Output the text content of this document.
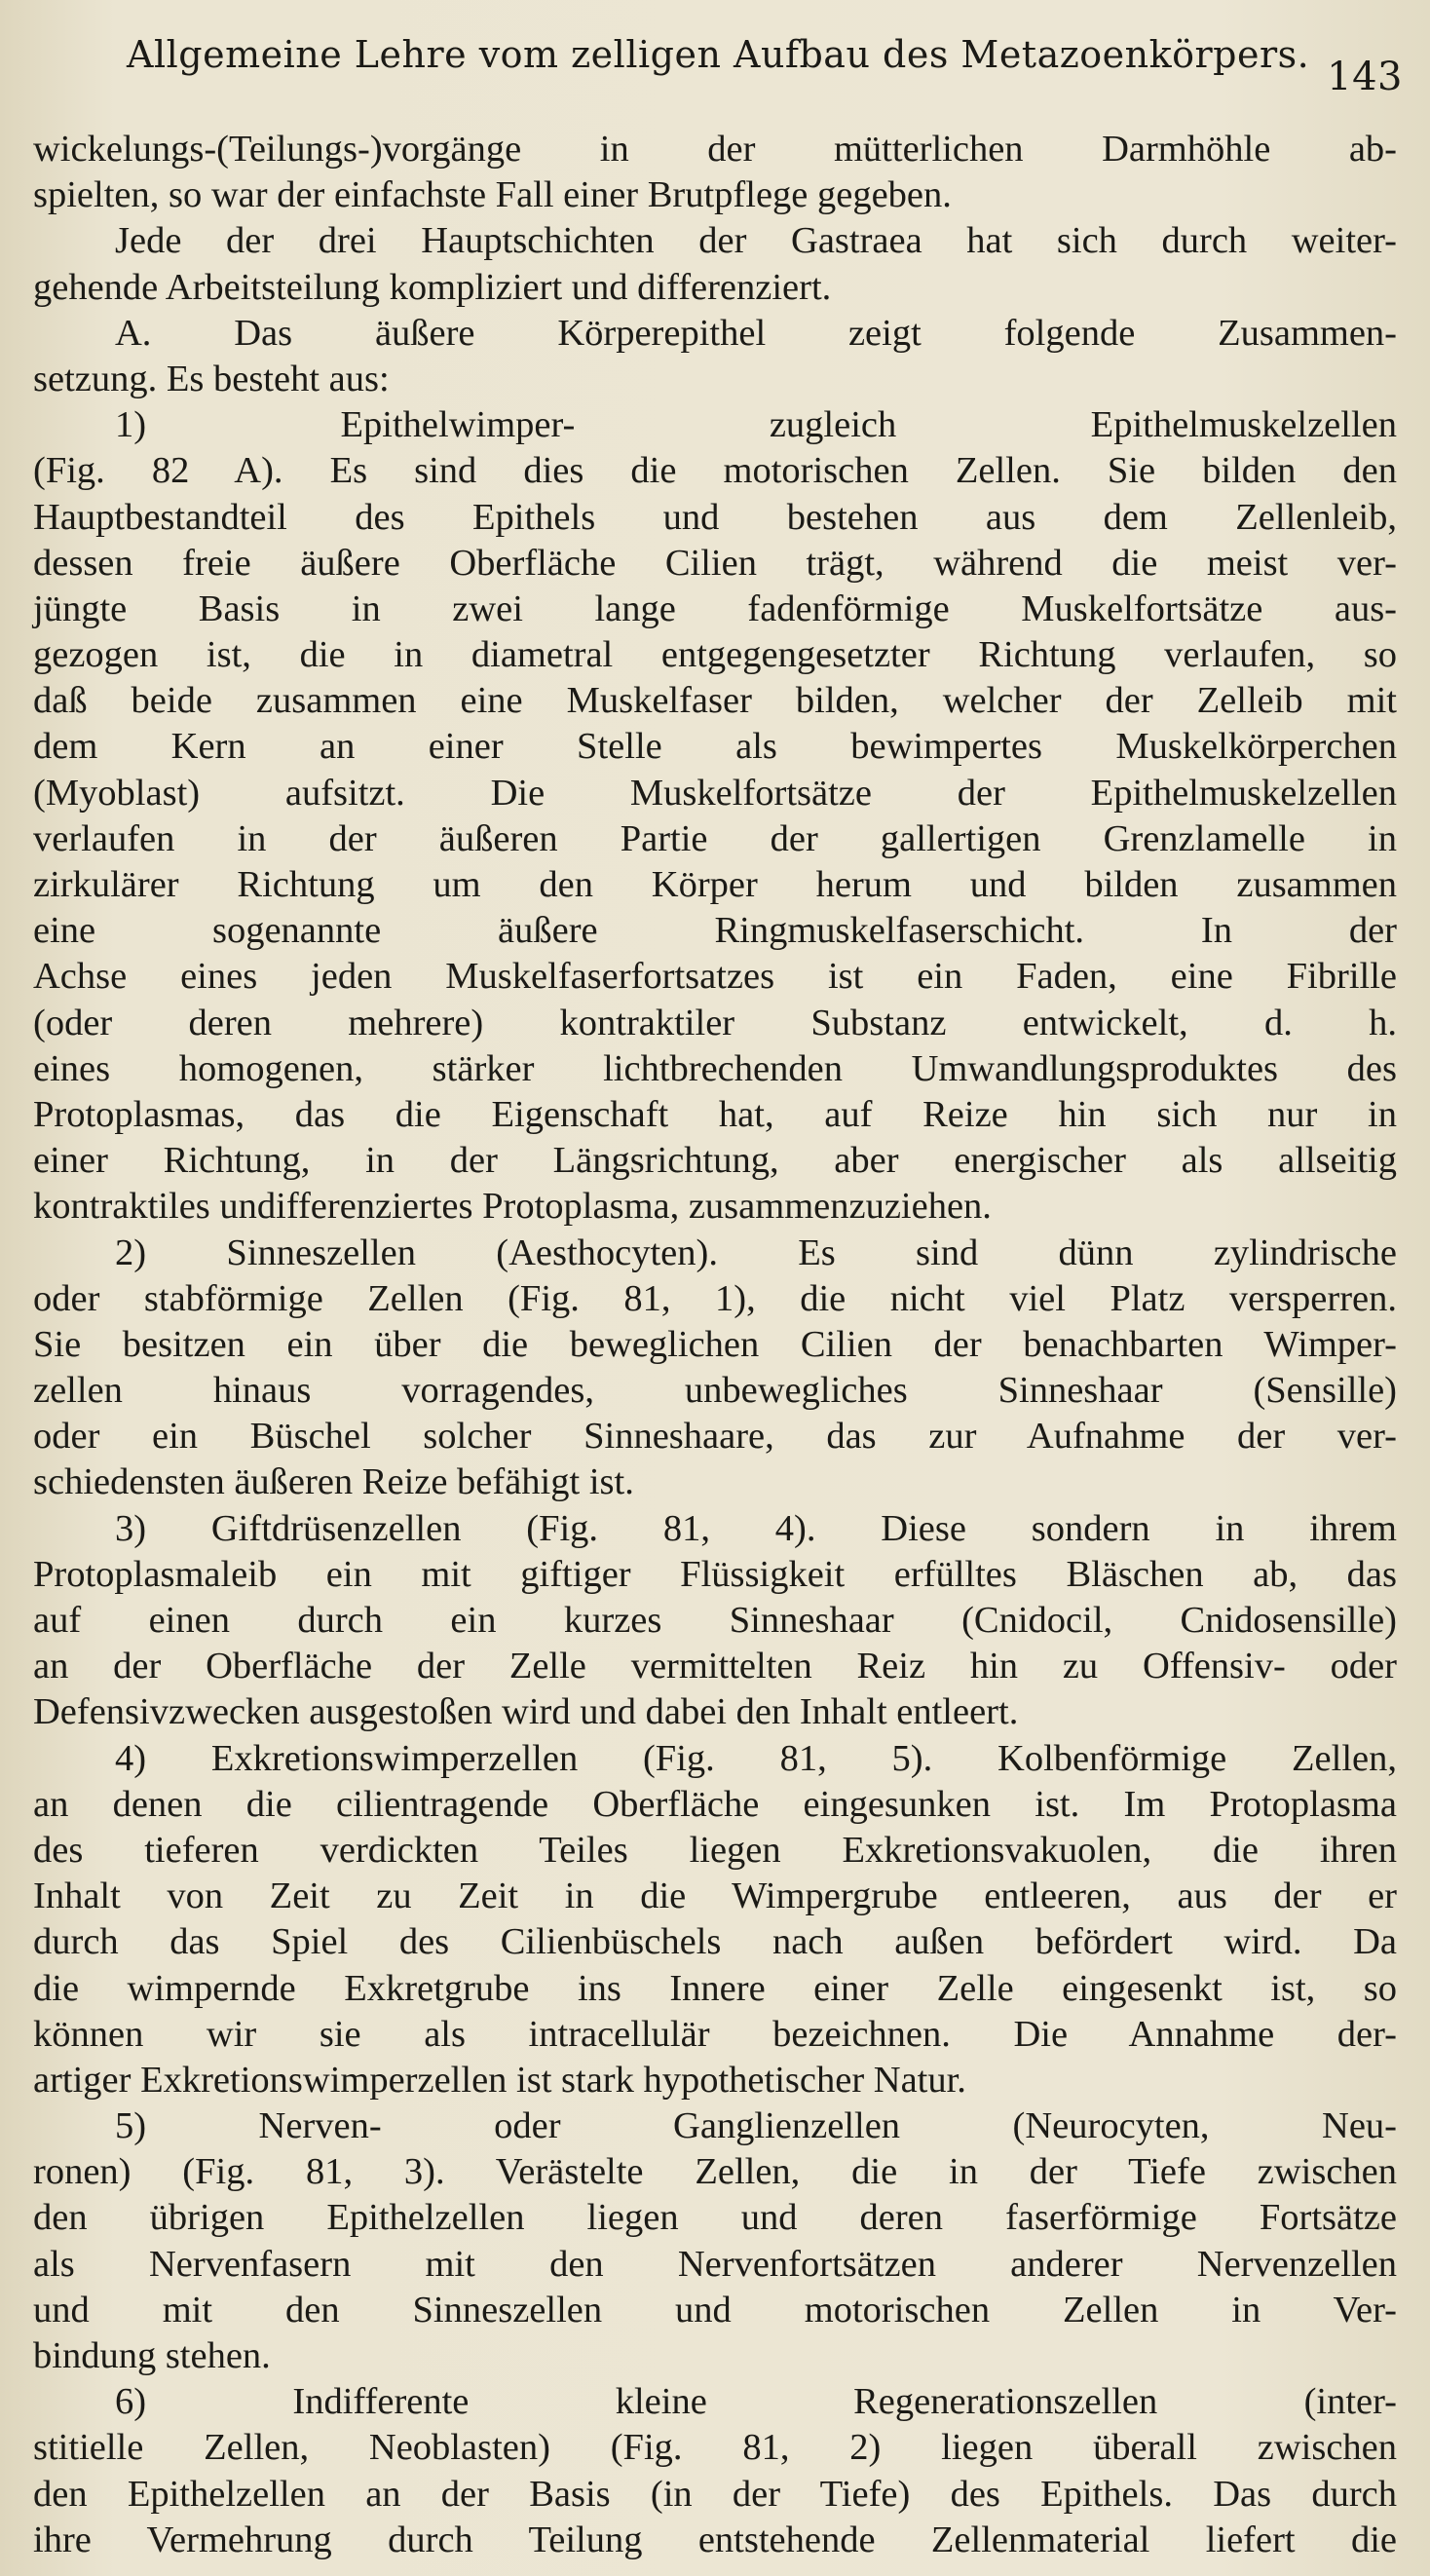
Allgemeine Lehre vom zelligen Aufbau des Metazoenkörpers. 143
wickelungs-(Teilungs-)vorgänge in der mütterlichen Darmhöhle ab-
spielten, so war der einfachste Fall einer Brutpflege gegeben.
Jede der drei Hauptschichten der Gastraea hat sich durch weiter-
gehende Arbeitsteilung kompliziert und differenziert.
A. Das äußere Körperepithel zeigt folgende Zusammen-
setzung. Es besteht aus:
1) Epithelwimper- zugleich Epithelmuskelzellen
(Fig. 82 A). Es sind dies die motorischen Zellen. Sie bilden den
Hauptbestandteil des Epithels und bestehen aus dem Zellenleib,
dessen freie äußere Oberfläche Cilien trägt, während die meist ver-
jüngte Basis in zwei lange fadenförmige Muskelfortsätze aus-
gezogen ist, die in diametral entgegengesetzter Richtung verlaufen, so
daß beide zusammen eine Muskelfaser bilden, welcher der Zelleib mit
dem Kern an einer Stelle als bewimpertes Muskelkörperchen
(Myoblast) aufsitzt. Die Muskelfortsätze der Epithelmuskelzellen
verlaufen in der äußeren Partie der gallertigen Grenzlamelle in
zirkulärer Richtung um den Körper herum und bilden zusammen
eine sogenannte äußere Ringmuskelfaserschicht. In der
Achse eines jeden Muskelfaserfortsatzes ist ein Faden, eine Fibrille
(oder deren mehrere) kontraktiler Substanz entwickelt, d. h.
eines homogenen, stärker lichtbrechenden Umwandlungsproduktes des
Protoplasmas, das die Eigenschaft hat, auf Reize hin sich nur in
einer Richtung, in der Längsrichtung, aber energischer als allseitig
kontraktiles undifferenziertes Protoplasma, zusammenzuziehen.
2) Sinneszellen (Aesthocyten). Es sind dünn zylindrische
oder stabförmige Zellen (Fig. 81, 1), die nicht viel Platz versperren.
Sie besitzen ein über die beweglichen Cilien der benachbarten Wimper-
zellen hinaus vorragendes, unbewegliches Sinneshaar (Sensille)
oder ein Büschel solcher Sinneshaare, das zur Aufnahme der ver-
schiedensten äußeren Reize befähigt ist.
3) Giftdrüsenzellen (Fig. 81, 4). Diese sondern in ihrem
Protoplasmaleib ein mit giftiger Flüssigkeit erfülltes Bläschen ab, das
auf einen durch ein kurzes Sinneshaar (Cnidocil, Cnidosensille)
an der Oberfläche der Zelle vermittelten Reiz hin zu Offensiv- oder
Defensivzwecken ausgestoßen wird und dabei den Inhalt entleert.
4) Exkretionswimperzellen (Fig. 81, 5). Kolbenförmige Zellen,
an denen die cilientragende Oberfläche eingesunken ist. Im Protoplasma
des tieferen verdickten Teiles liegen Exkretionsvakuolen, die ihren
Inhalt von Zeit zu Zeit in die Wimpergrube entleeren, aus der er
durch das Spiel des Cilienbüschels nach außen befördert wird. Da
die wimpernde Exkretgrube ins Innere einer Zelle eingesenkt ist, so
können wir sie als intracellulär bezeichnen. Die Annahme der-
artiger Exkretionswimperzellen ist stark hypothetischer Natur.
5) Nerven- oder Ganglienzellen (Neurocyten, Neu-
ronen) (Fig. 81, 3). Verästelte Zellen, die in der Tiefe zwischen
den übrigen Epithelzellen liegen und deren faserförmige Fortsätze
als Nervenfasern mit den Nervenfortsätzen anderer Nervenzellen
und mit den Sinneszellen und motorischen Zellen in Ver-
bindung stehen.
6) Indifferente kleine Regenerationszellen (inter-
stitielle Zellen, Neoblasten) (Fig. 81, 2) liegen überall zwischen
den Epithelzellen an der Basis (in der Tiefe) des Epithels. Das durch
ihre Vermehrung durch Teilung entstehende Zellenmaterial liefert die
